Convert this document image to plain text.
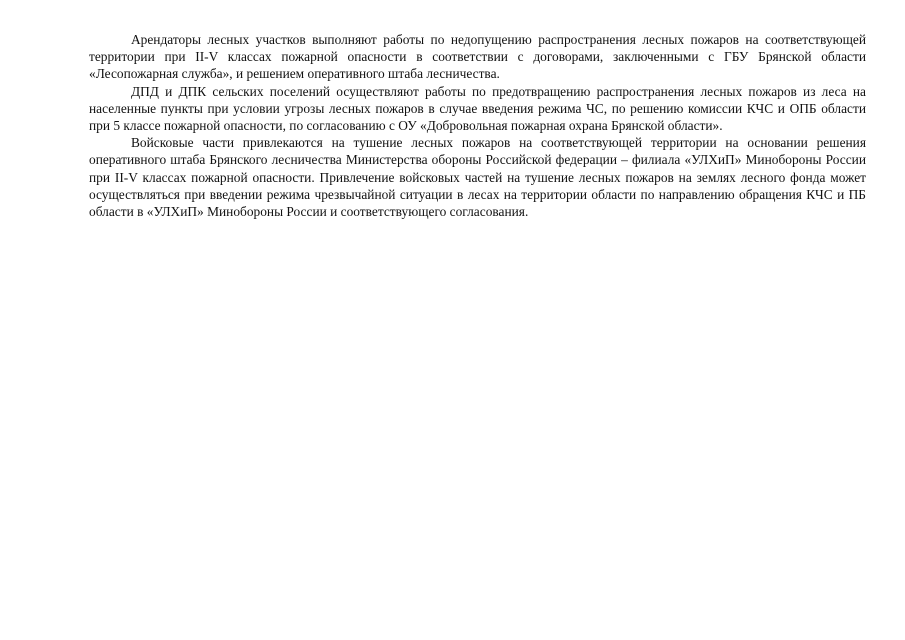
Арендаторы лесных участков выполняют работы по недопущению распространения лесных пожаров на соответствующей территории при II-V классах пожарной опасности в соответствии с договорами, заключенными с ГБУ Брянской области «Лесопожарная служба», и решением оперативного штаба лесничества.

ДПД и ДПК сельских поселений осуществляют работы по предотвращению распространения лесных пожаров из леса на населенные пункты при условии угрозы лесных пожаров в случае введения режима ЧС, по решению комиссии КЧС и ОПБ области при 5 классе пожарной опасности, по согласованию с ОУ «Добровольная пожарная охрана Брянской области».

Войсковые части привлекаются на тушение лесных пожаров на соответствующей территории на основании решения оперативного штаба Брянского лесничества Министерства обороны Российской федерации – филиала «УЛХиП» Минобороны России при II-V классах пожарной опасности. Привлечение войсковых частей на тушение лесных пожаров на землях лесного фонда может осуществляться при введении режима чрезвычайной ситуации в лесах на территории области по направлению обращения КЧС и ПБ области в «УЛХиП» Минобороны России и соответствующего согласования.
